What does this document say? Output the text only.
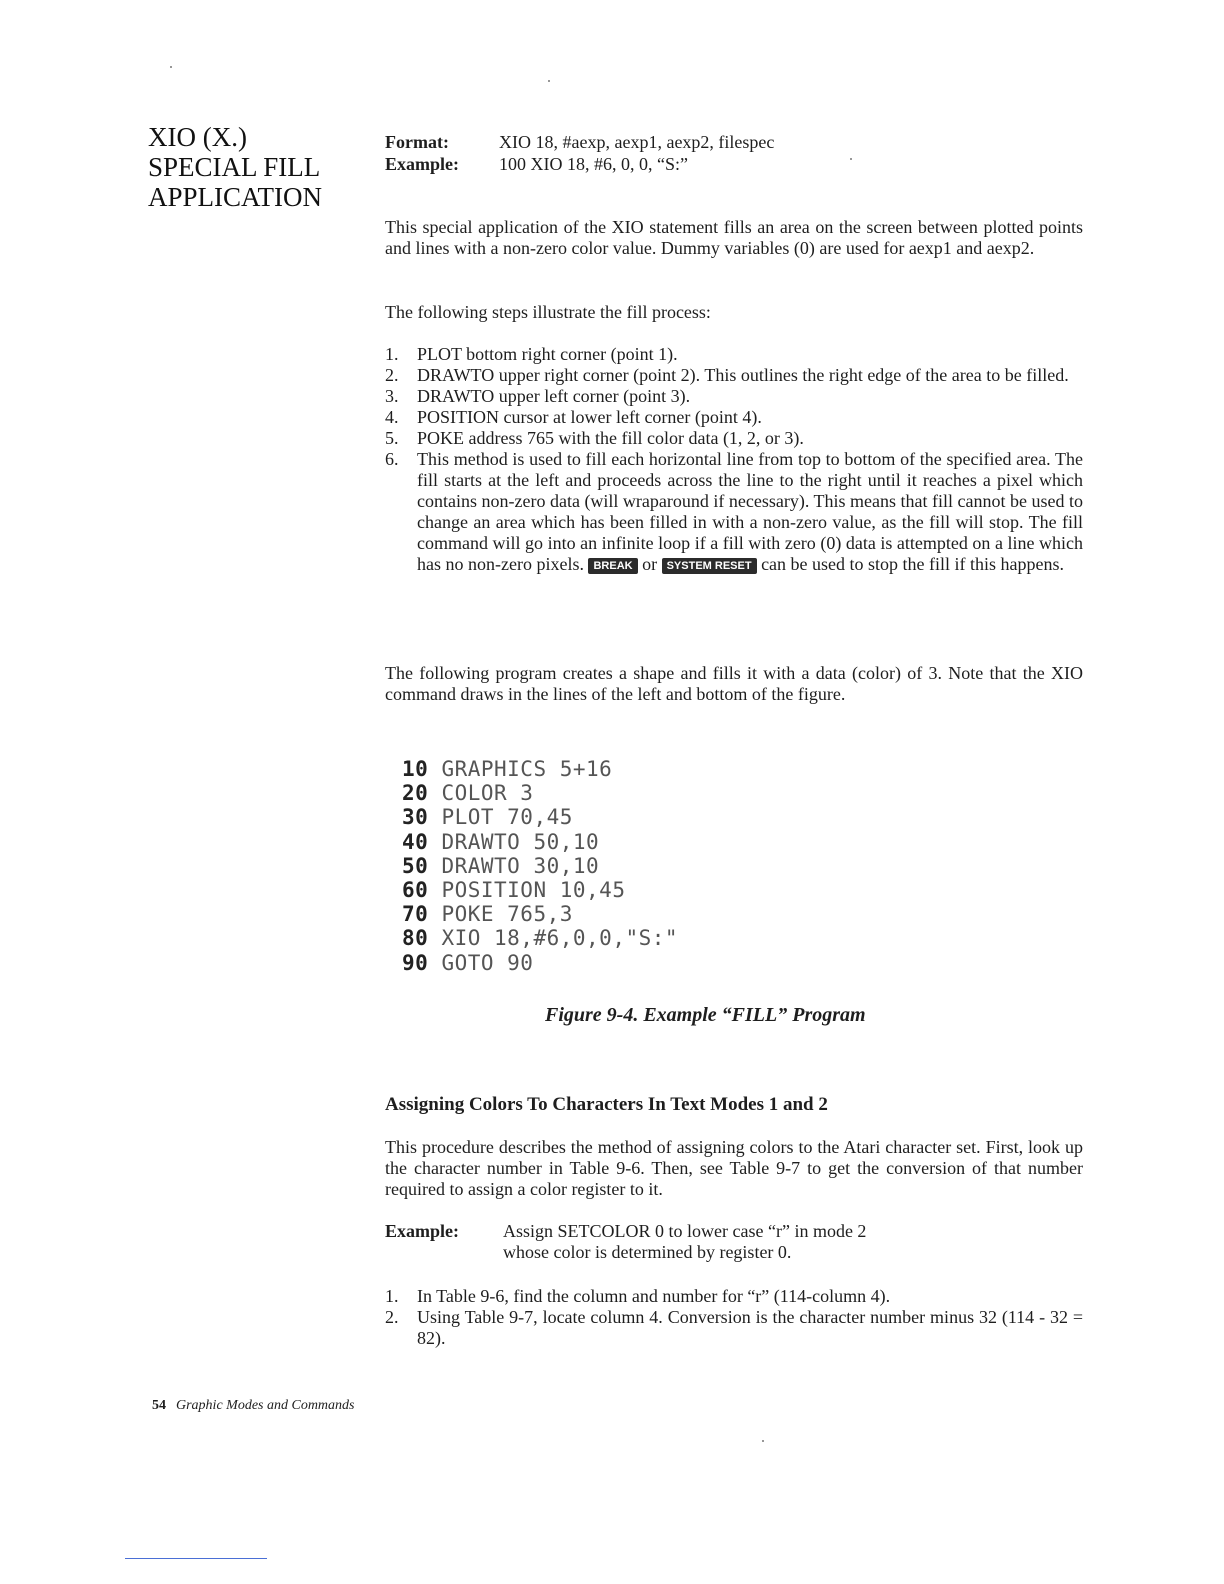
XIO (X.)
SPECIAL FILL
APPLICATION
Format:	XIO 18, #aexp, aexp1, aexp2, filespec
Example: 100 XIO 18, #6, 0, 0, “S:”
This special application of the XIO statement fills an area on the screen between plotted points and lines with a non-zero color value. Dummy variables (0) are used for aexp1 and aexp2.
The following steps illustrate the fill process:
1. PLOT bottom right corner (point 1).
2. DRAWTO upper right corner (point 2). This outlines the right edge of the area to be filled.
3. DRAWTO upper left corner (point 3).
4. POSITION cursor at lower left corner (point 4).
5. POKE address 765 with the fill color data (1, 2, or 3).
6. This method is used to fill each horizontal line from top to bottom of the specified area. The fill starts at the left and proceeds across the line to the right until it reaches a pixel which contains non-zero data (will wraparound if necessary). This means that fill cannot be used to change an area which has been filled in with a non-zero value, as the fill will stop. The fill command will go into an infinite loop if a fill with zero (0) data is attempted on a line which has no non-zero pixels. BREAK or SYSTEM RESET can be used to stop the fill if this happens.
The following program creates a shape and fills it with a data (color) of 3. Note that the XIO command draws in the lines of the left and bottom of the figure.
10 GRAPHICS 5+16
20 COLOR 3
30 PLOT 70,45
40 DRAWTO 50,10
50 DRAWTO 30,10
60 POSITION 10,45
70 POKE 765,3
80 XIO 18,#6,0,0,"S:"
90 GOTO 90
Figure 9-4. Example “FILL” Program
Assigning Colors To Characters In Text Modes 1 and 2
This procedure describes the method of assigning colors to the Atari character set. First, look up the character number in Table 9-6. Then, see Table 9-7 to get the conversion of that number required to assign a color register to it.
Example:	Assign SETCOLOR 0 to lower case “r” in mode 2
whose color is determined by register 0.
1. In Table 9-6, find the column and number for “r” (114-column 4).
2. Using Table 9-7, locate column 4. Conversion is the character number minus 32 (114 - 32 = 82).
54 Graphic Modes and Commands
